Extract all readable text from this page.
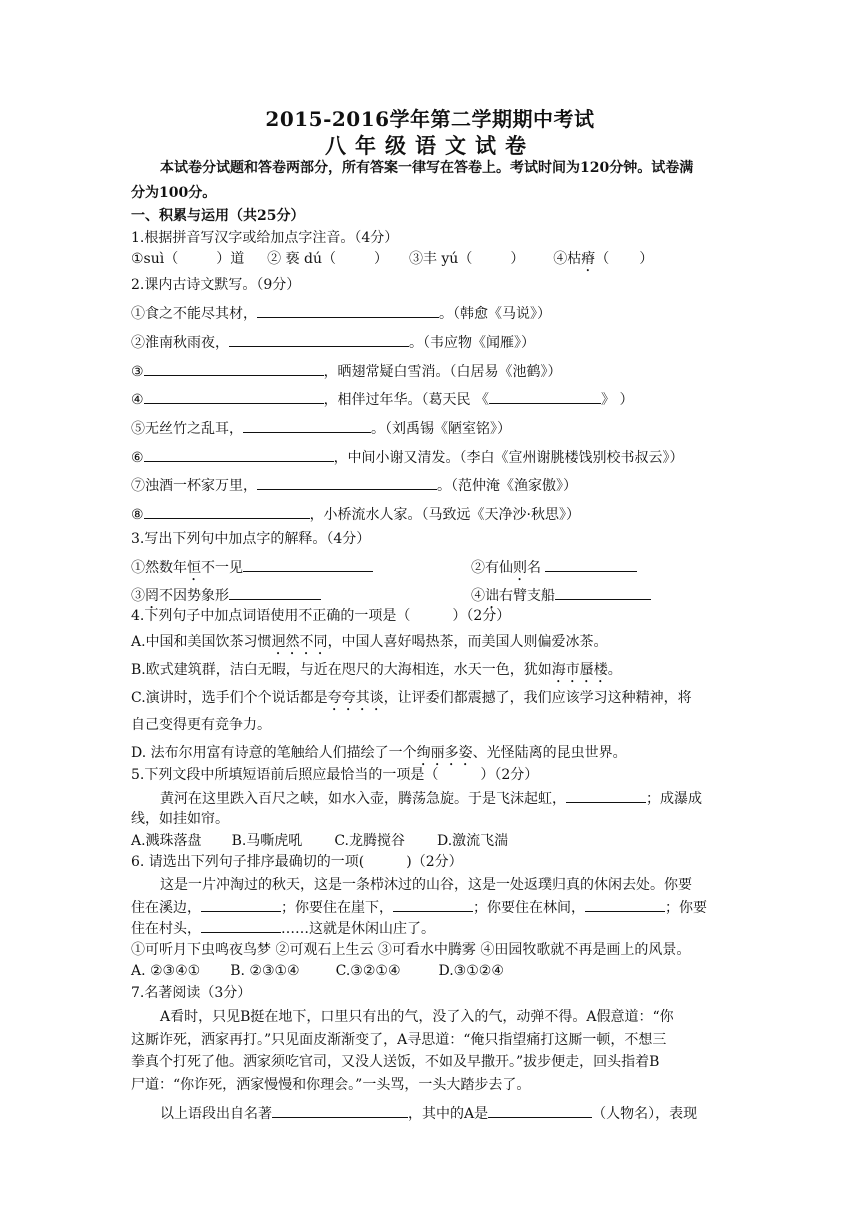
2015-2016学年第二学期期中考试
八年级语文试卷
本试卷分试题和答卷两部分，所有答案一律写在答卷上。考试时间为120分钟。试卷满
分为100分。
一、积累与运用（共25分）
1.根据拼音写汉字或给加点字注音。（4分）
①suì（	）道 ② 亵 dú（	） ③丰 yú（	） ④枯瘠（ ）
2.课内古诗文默写。（9分）
①食之不能尽其材，	。（韩愈《马说》）
②淮南秋雨夜，	。（韦应物《闻雁》）
③	，晒翅常疑白雪消。（白居易《池鹤》）
④	，相伴过年华。（葛天民 《	》 ）
⑤无丝竹之乱耳，	。（刘禹锡《陋室铭》）
⑥	，中间小谢又清发。（李白《宣州谢朓楼饯别校书叔云》）
⑦浊酒一杯家万里，	。（范仲淹《渔家傲》）
⑧	，小桥流水人家。（马致远《天净沙·秋思》）
3.写出下列句中加点字的解释。（4分）
①然数年恒不一见	②有仙则名
③罔不因势象形	④诎右臂支船
4.下列句子中加点词语使用不正确的一项是（　　　）（2分）
A.中国和美国饮茶习惯迥然不同，中国人喜好喝热茶，而美国人则偏爱冰茶。
B.欧式建筑群，洁白无暇，与近在咫尺的大海相连，水天一色，犹如海市蜃楼。
C.演讲时，选手们个个说话都是夸夸其谈，让评委们都震撼了，我们应该学习这种精神，将
自己变得更有竞争力。
D. 法布尔用富有诗意的笔触给人们描绘了一个绚丽多姿、光怪陆离的昆虫世界。
5.下列文段中所填短语前后照应最恰当的一项是（　　　）（2分）
黄河在这里跌入百尺之峡，如水入壶，腾荡急旋。于是飞沫起虹，	；成瀑成
线，如挂如帘。
A.溅珠落盘 B.马嘶虎吼 C.龙腾搅谷 D.激流飞湍
6. 请选出下列句子排序最确切的一项(　　　)（2分）
这是一片冲淘过的秋天，这是一条栉沐过的山谷，这是一处返璞归真的休闲去处。你要
住在溪边，	；你要住在崖下，	；你要住在林间，	；你要
住在村头，	……这就是休闲山庄了。
①可听月下虫鸣夜鸟梦 ②可观石上生云 ③可看水中腾雾 ④田园牧歌就不再是画上的风景。
A. ②③④① B. ②③①④	C.③②①④	D.③①②④
7.名著阅读（3分）
A看时，只见B挺在地下，口里只有出的气，没了入的气，动弹不得。A假意道：“你
这厮诈死，洒家再打。”只见面皮渐渐变了，A寻思道：“俺只指望痛打这厮一顿，不想三
拳真个打死了他。洒家须吃官司，又没人送饭，不如及早撒开。”拔步便走，回头指着B
尸道：“你诈死，洒家慢慢和你理会。”一头骂，一头大踏步去了。
以上语段出自名著	，其中的A是	（人物名），表现
